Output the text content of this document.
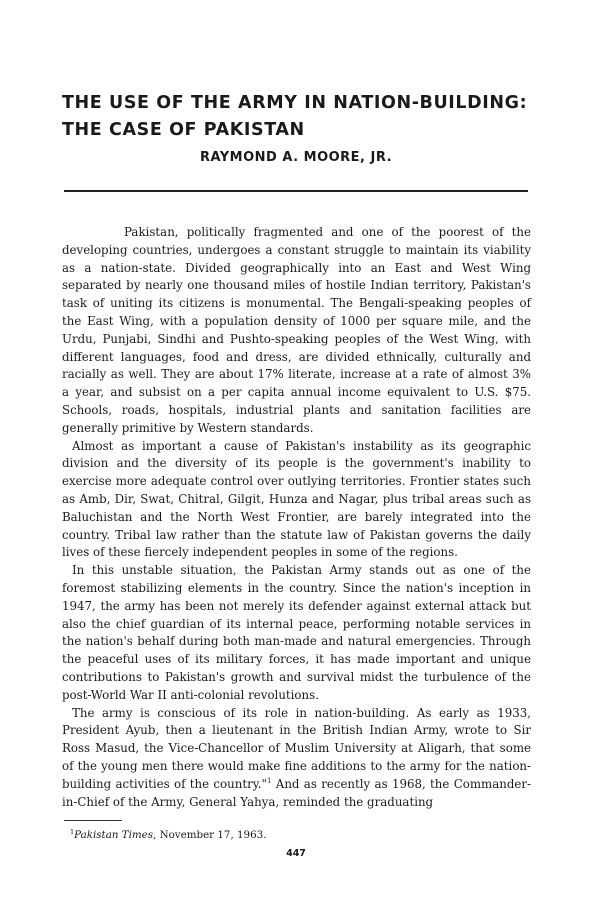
THE USE OF THE ARMY IN NATION-BUILDING:
THE CASE OF PAKISTAN

RAYMOND A. MOORE, JR.

Pakistan, politically fragmented and one of the poorest of the developing countries, undergoes a constant struggle to maintain its viability as a nation-state. Divided geographically into an East and West Wing separated by nearly one thousand miles of hostile Indian territory, Pakistan's task of uniting its citizens is monumental. The Bengali-speaking peoples of the East Wing, with a population density of 1000 per square mile, and the Urdu, Punjabi, Sindhi and Pushto-speaking peoples of the West Wing, with different languages, food and dress, are divided ethnically, culturally and racially as well. They are about 17% literate, increase at a rate of almost 3% a year, and subsist on a per capita annual income equivalent to U.S. $75. Schools, roads, hospitals, industrial plants and sanitation facilities are generally primitive by Western standards.

Almost as important a cause of Pakistan's instability as its geographic division and the diversity of its people is the government's inability to exercise more adequate control over outlying territories. Frontier states such as Amb, Dir, Swat, Chitral, Gilgit, Hunza and Nagar, plus tribal areas such as Baluchistan and the North West Frontier, are barely integrated into the country. Tribal law rather than the statute law of Pakistan governs the daily lives of these fiercely independent peoples in some of the regions.

In this unstable situation, the Pakistan Army stands out as one of the foremost stabilizing elements in the country. Since the nation's inception in 1947, the army has been not merely its defender against external attack but also the chief guardian of its internal peace, performing notable services in the nation's behalf during both man-made and natural emergencies. Through the peaceful uses of its military forces, it has made important and unique contributions to Pakistan's growth and survival midst the turbulence of the post-World War II anti-colonial revolutions.

The army is conscious of its role in nation-building. As early as 1933, President Ayub, then a lieutenant in the British Indian Army, wrote to Sir Ross Masud, the Vice-Chancellor of Muslim University at Aligarh, that some of the young men there would make fine additions to the army for the nation-building activities of the country."$^1$ And as recently as 1968, the Commander-in-Chief of the Army, General Yahya, reminded the graduating

$^1$Pakistan Times, November 17, 1963.

447
